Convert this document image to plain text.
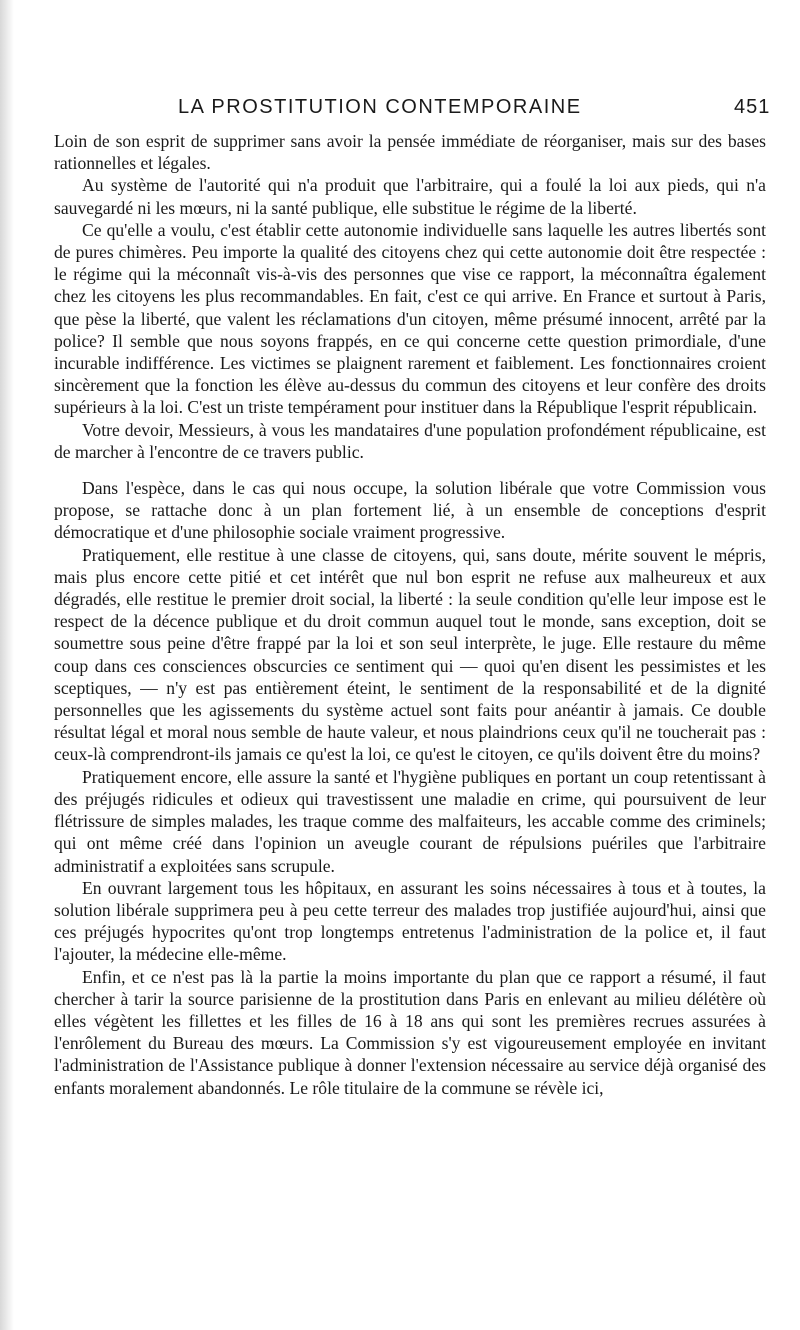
LA PROSTITUTION CONTEMPORAINE	451

Loin de son esprit de supprimer sans avoir la pensée immédiate de réorganiser, mais sur des bases rationnelles et légales.

Au système de l'autorité qui n'a produit que l'arbitraire, qui a foulé la loi aux pieds, qui n'a sauvegardé ni les mœurs, ni la santé publique, elle substitue le régime de la liberté.

Ce qu'elle a voulu, c'est établir cette autonomie individuelle sans laquelle les autres libertés sont de pures chimères. Peu importe la qualité des citoyens chez qui cette autonomie doit être respectée : le régime qui la méconnaît vis-à-vis des personnes que vise ce rapport, la méconnaîtra également chez les citoyens les plus recommandables. En fait, c'est ce qui arrive. En France et surtout à Paris, que pèse la liberté, que valent les réclamations d'un citoyen, même présumé innocent, arrêté par la police? Il semble que nous soyons frappés, en ce qui concerne cette question primordiale, d'une incurable indifférence. Les victimes se plaignent rarement et faiblement. Les fonctionnaires croient sincèrement que la fonction les élève au-dessus du commun des citoyens et leur confère des droits supérieurs à la loi. C'est un triste tempérament pour instituer dans la République l'esprit républicain.

Votre devoir, Messieurs, à vous les mandataires d'une population profondément républicaine, est de marcher à l'encontre de ce travers public.

Dans l'espèce, dans le cas qui nous occupe, la solution libérale que votre Commission vous propose, se rattache donc à un plan fortement lié, à un ensemble de conceptions d'esprit démocratique et d'une philosophie sociale vraiment progressive.

Pratiquement, elle restitue à une classe de citoyens, qui, sans doute, mérite souvent le mépris, mais plus encore cette pitié et cet intérêt que nul bon esprit ne refuse aux malheureux et aux dégradés, elle restitue le premier droit social, la liberté : la seule condition qu'elle leur impose est le respect de la décence publique et du droit commun auquel tout le monde, sans exception, doit se soumettre sous peine d'être frappé par la loi et son seul interprète, le juge. Elle restaure du même coup dans ces consciences obscurcies ce sentiment qui — quoi qu'en disent les pessimistes et les sceptiques, — n'y est pas entièrement éteint, le sentiment de la responsabilité et de la dignité personnelles que les agissements du système actuel sont faits pour anéantir à jamais. Ce double résultat légal et moral nous semble de haute valeur, et nous plaindrions ceux qu'il ne toucherait pas : ceux-là comprendront-ils jamais ce qu'est la loi, ce qu'est le citoyen, ce qu'ils doivent être du moins?

Pratiquement encore, elle assure la santé et l'hygiène publiques en portant un coup retentissant à des préjugés ridicules et odieux qui travestissent une maladie en crime, qui poursuivent de leur flétrissure de simples malades, les traque comme des malfaiteurs, les accable comme des criminels; qui ont même créé dans l'opinion un aveugle courant de répulsions puériles que l'arbitraire administratif a exploitées sans scrupule.

En ouvrant largement tous les hôpitaux, en assurant les soins nécessaires à tous et à toutes, la solution libérale supprimera peu à peu cette terreur des malades trop justifiée aujourd'hui, ainsi que ces préjugés hypocrites qu'ont trop longtemps entretenus l'administration de la police et, il faut l'ajouter, la médecine elle-même.

Enfin, et ce n'est pas là la partie la moins importante du plan que ce rapport a résumé, il faut chercher à tarir la source parisienne de la prostitution dans Paris en enlevant au milieu délétère où elles végètent les fillettes et les filles de 16 à 18 ans qui sont les premières recrues assurées à l'enrôlement du Bureau des mœurs. La Commission s'y est vigoureusement employée en invitant l'administration de l'Assistance publique à donner l'extension nécessaire au service déjà organisé des enfants moralement abandonnés. Le rôle titulaire de la commune se révèle ici,
